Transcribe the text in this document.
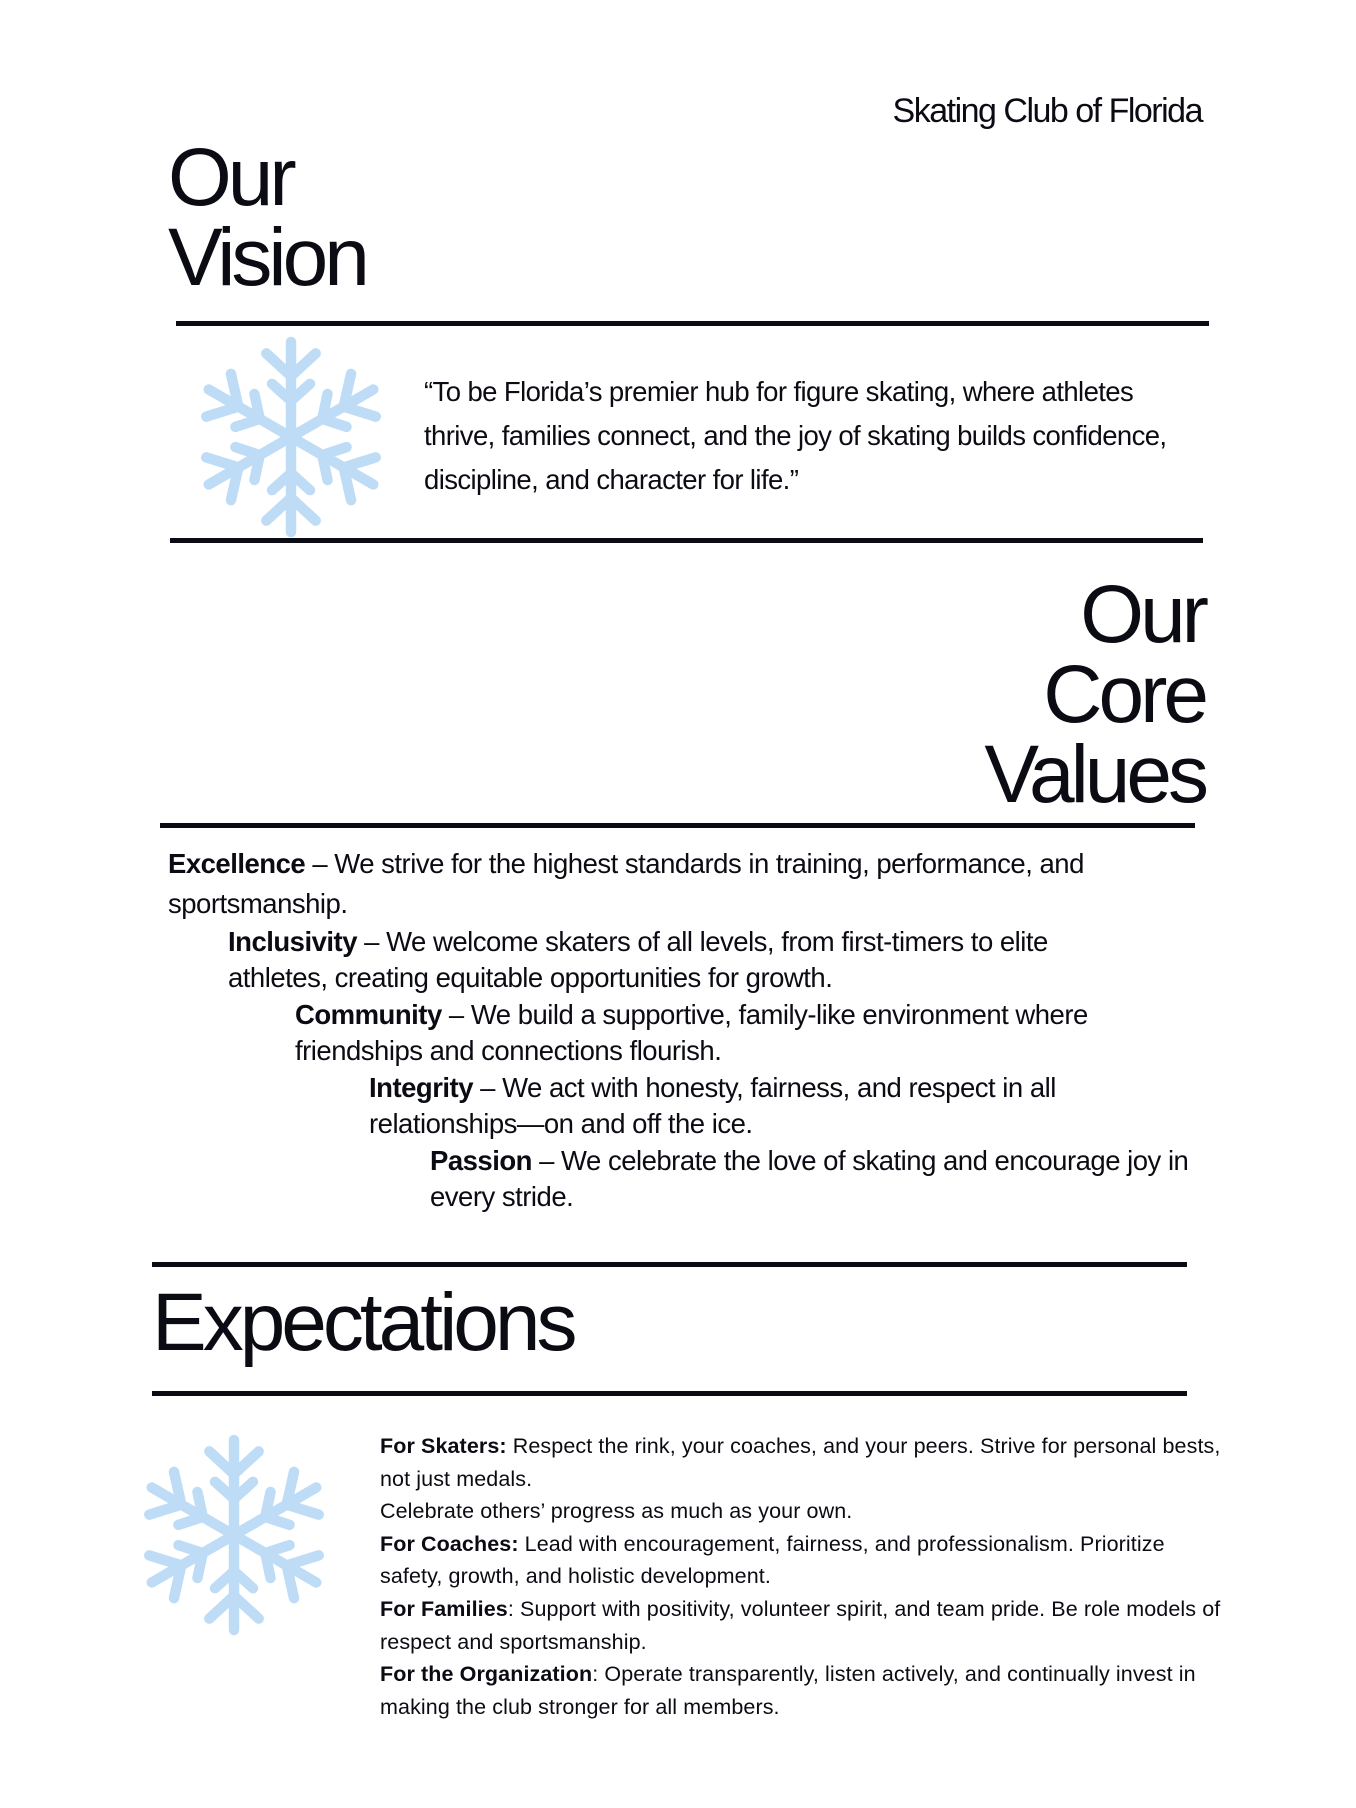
Skating Club of Florida
Our
Vision
“To be Florida’s premier hub for figure skating, where athletes thrive, families connect, and the joy of skating builds confidence, discipline, and character for life.”
Our
Core
Values
Excellence – We strive for the highest standards in training, performance, and sportsmanship.
Inclusivity – We welcome skaters of all levels, from first-timers to elite athletes, creating equitable opportunities for growth.
Community – We build a supportive, family-like environment where friendships and connections flourish.
Integrity – We act with honesty, fairness, and respect in all relationships—on and off the ice.
Passion – We celebrate the love of skating and encourage joy in every stride.
Expectations

For Skaters: Respect the rink, your coaches, and your peers. Strive for personal bests, not just medals.

Celebrate others’ progress as much as your own.

For Coaches: Lead with encouragement, fairness, and professionalism. Prioritize safety, growth, and holistic development.

For Families: Support with positivity, volunteer spirit, and team pride. Be role models of respect and sportsmanship.

For the Organization: Operate transparently, listen actively, and continually invest in making the club stronger for all members.
